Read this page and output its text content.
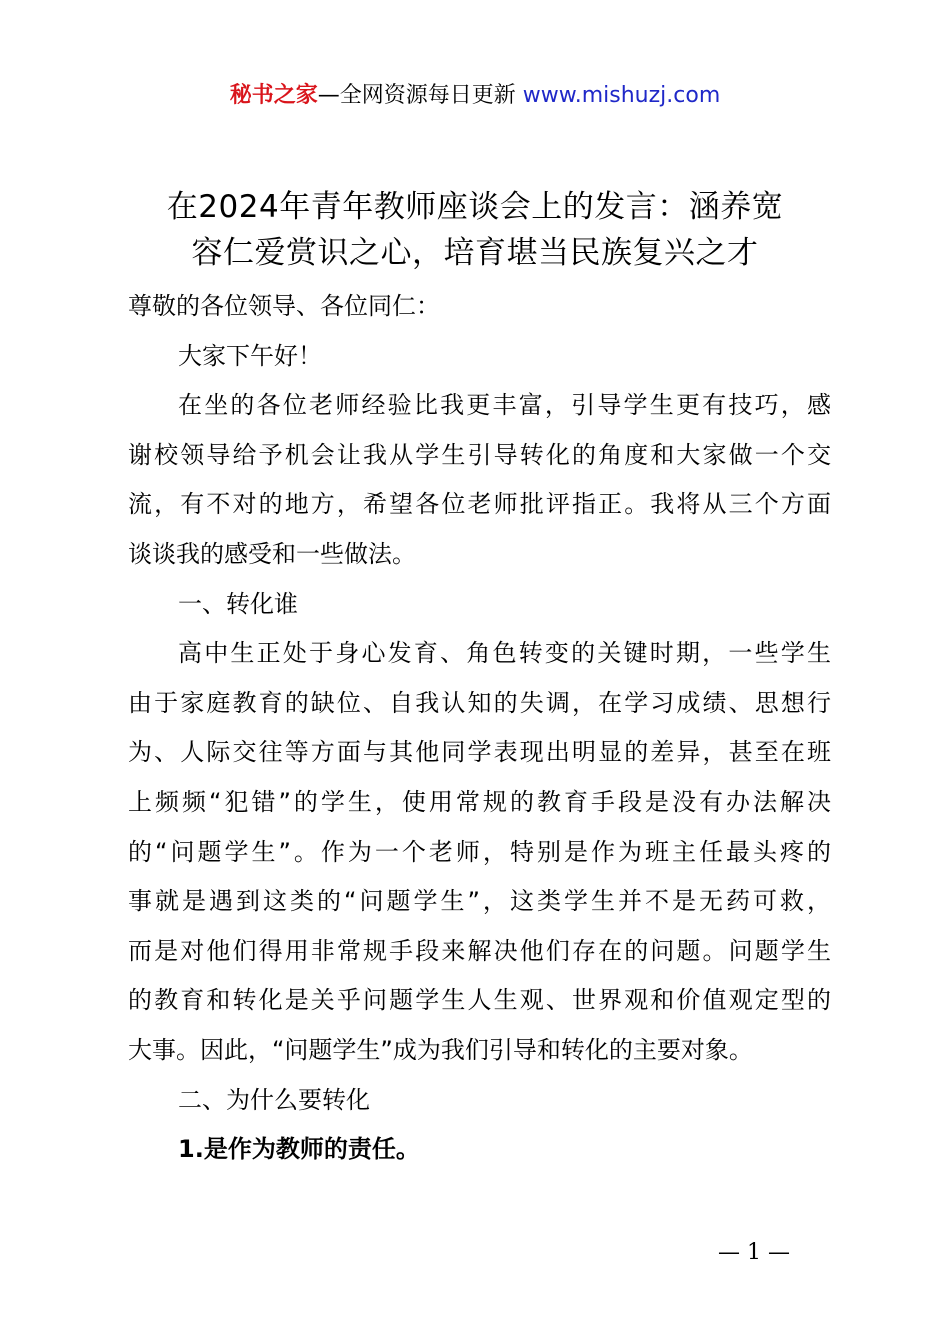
秘书之家—全网资源每日更新 www.mishuzj.com
在2024年青年教师座谈会上的发言：涵养宽
容仁爱赏识之心，培育堪当民族复兴之才
尊敬的各位领导、各位同仁：
大家下午好！
在坐的各位老师经验比我更丰富，引导学生更有技巧，感
谢校领导给予机会让我从学生引导转化的角度和大家做一个交
流，有不对的地方，希望各位老师批评指正。我将从三个方面
谈谈我的感受和一些做法。
一、转化谁
高中生正处于身心发育、角色转变的关键时期，一些学生
由于家庭教育的缺位、自我认知的失调，在学习成绩、思想行
为、人际交往等方面与其他同学表现出明显的差异，甚至在班
上频频“犯错”的学生，使用常规的教育手段是没有办法解决
的“问题学生”。作为一个老师，特别是作为班主任最头疼的
事就是遇到这类的“问题学生”，这类学生并不是无药可救，
而是对他们得用非常规手段来解决他们存在的问题。问题学生
的教育和转化是关乎问题学生人生观、世界观和价值观定型的
大事。因此，“问题学生”成为我们引导和转化的主要对象。
二、为什么要转化
1.是作为教师的责任。
— 1 —
